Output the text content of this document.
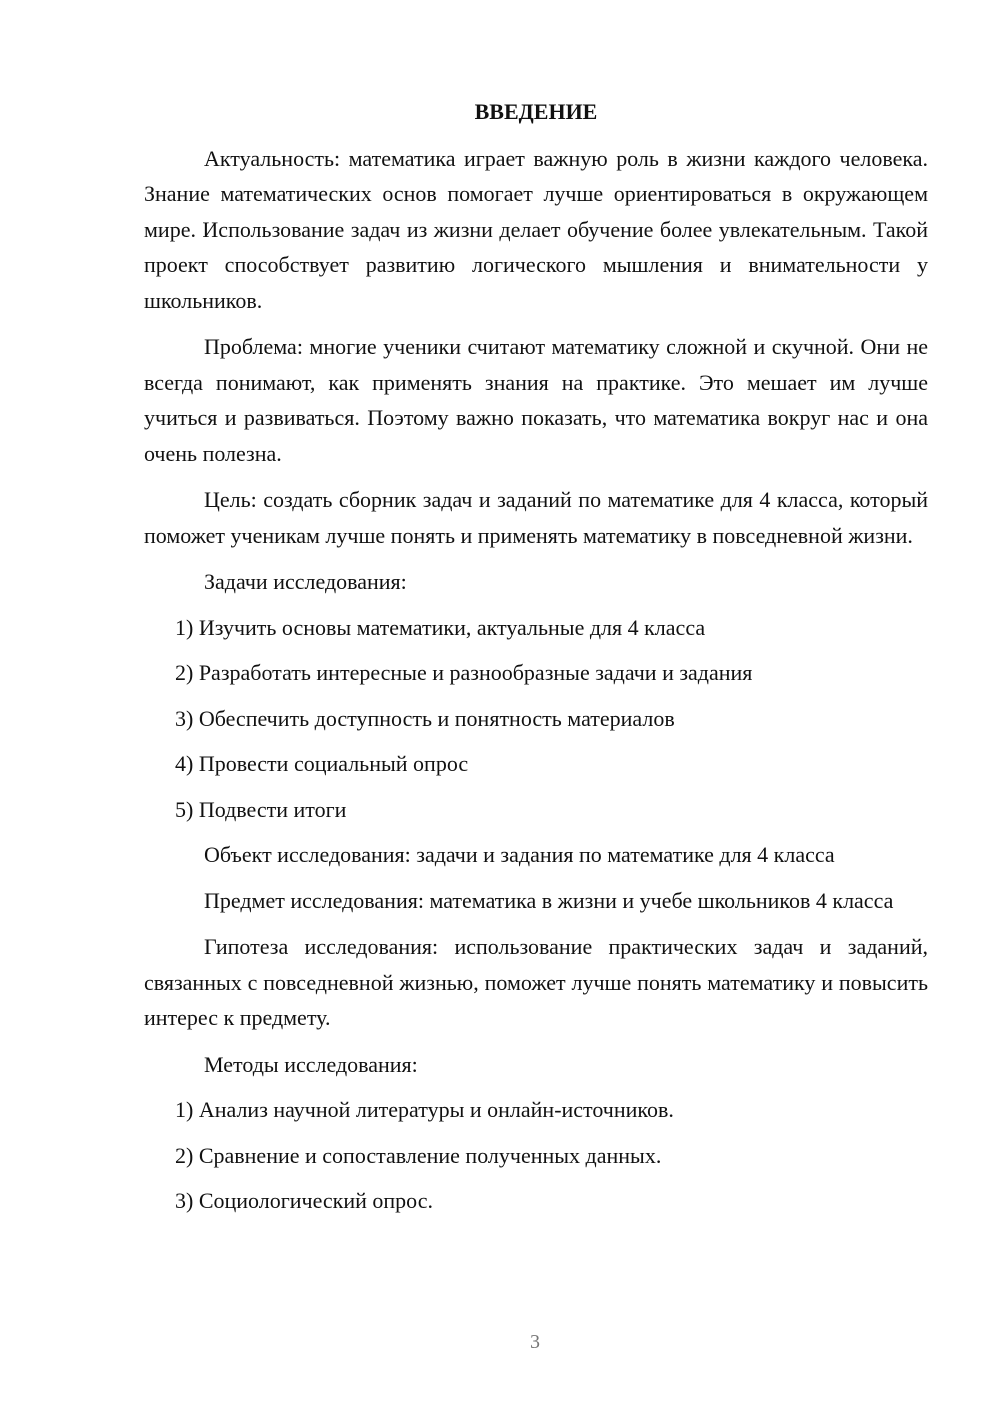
ВВЕДЕНИЕ

Актуальность: математика играет важную роль в жизни каждого человека. Знание математических основ помогает лучше ориентироваться в окружающем мире. Использование задач из жизни делает обучение более увлекательным. Такой проект способствует развитию логического мышления и внимательности у школьников.

Проблема: многие ученики считают математику сложной и скучной. Они не всегда понимают, как применять знания на практике. Это мешает им лучше учиться и развиваться. Поэтому важно показать, что математика вокруг нас и она очень полезна.

Цель: создать сборник задач и заданий по математике для 4 класса, который поможет ученикам лучше понять и применять математику в повседневной жизни.

Задачи исследования:
1) Изучить основы математики, актуальные для 4 класса
2) Разработать интересные и разнообразные задачи и задания
3) Обеспечить доступность и понятность материалов
4) Провести социальный опрос
5) Подвести итоги
Объект исследования: задачи и задания по математике для 4 класса

Предмет исследования: математика в жизни и учебе школьников 4 класса

Гипотеза исследования: использование практических задач и заданий, связанных с повседневной жизнью, поможет лучше понять математику и повысить интерес к предмету.

Методы исследования:
1) Анализ научной литературы и онлайн-источников.
2) Сравнение и сопоставление полученных данных.
3) Социологический опрос.
3
